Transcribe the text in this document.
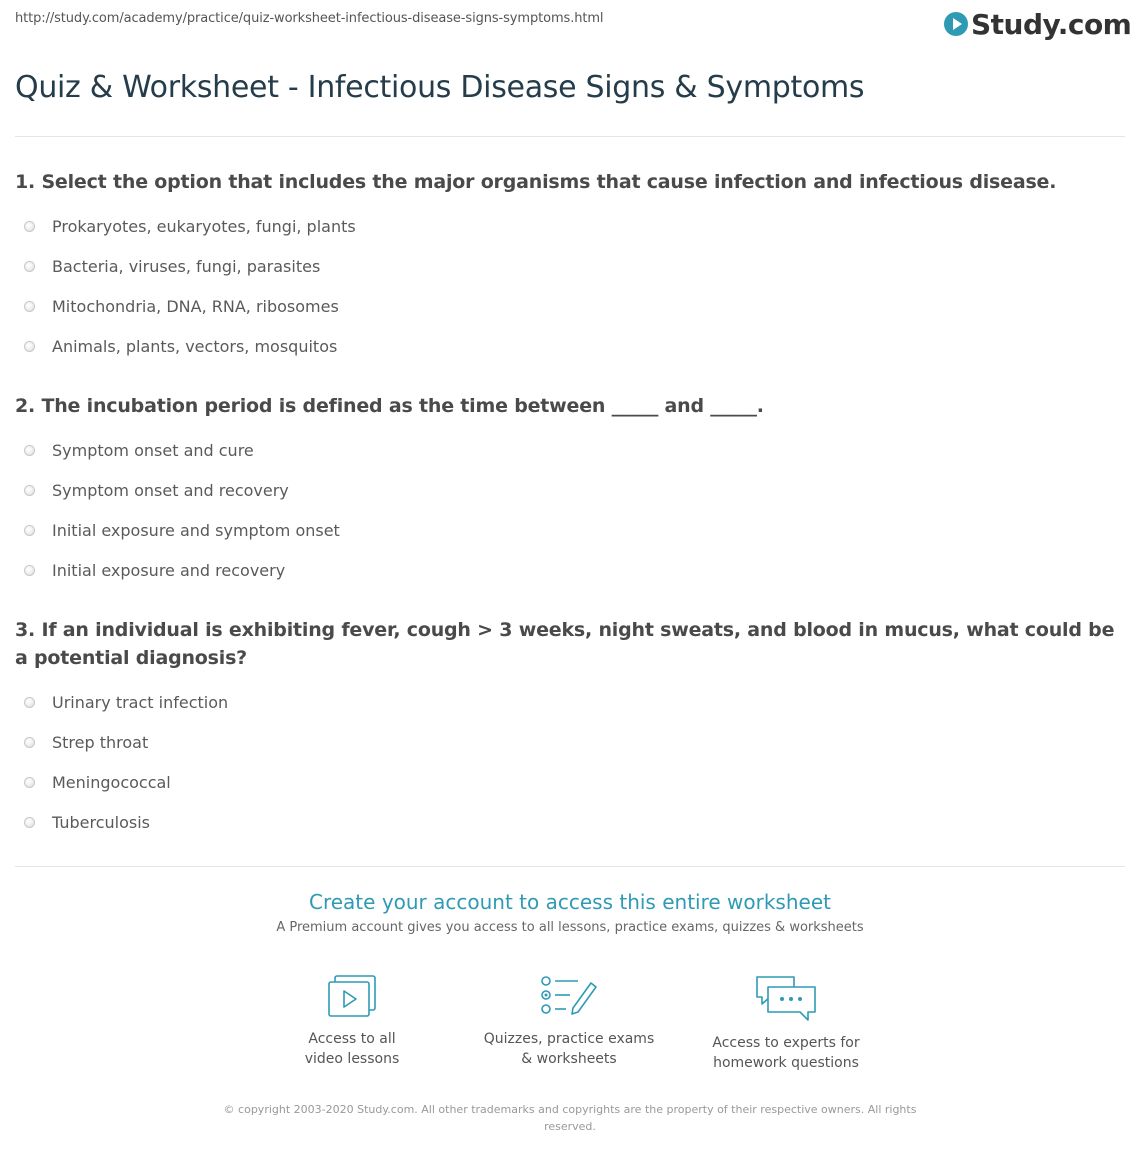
http://study.com/academy/practice/quiz-worksheet-infectious-disease-signs-symptoms.html	Study.com
Quiz & Worksheet - Infectious Disease Signs & Symptoms
1. Select the option that includes the major organisms that cause infection and infectious disease.
Prokaryotes, eukaryotes, fungi, plants
Bacteria, viruses, fungi, parasites
Mitochondria, DNA, RNA, ribosomes
Animals, plants, vectors, mosquitos
2. The incubation period is defined as the time between _____ and _____.
Symptom onset and cure
Symptom onset and recovery
Initial exposure and symptom onset
Initial exposure and recovery
3. If an individual is exhibiting fever, cough > 3 weeks, night sweats, and blood in mucus, what could be a potential diagnosis?
Urinary tract infection
Strep throat
Meningococcal
Tuberculosis
Create your account to access this entire worksheet
A Premium account gives you access to all lessons, practice exams, quizzes & worksheets
Access to all
video lessons
Quizzes, practice exams
& worksheets
Access to experts for
homework questions
© copyright 2003-2020 Study.com. All other trademarks and copyrights are the property of their respective owners. All rights reserved.
